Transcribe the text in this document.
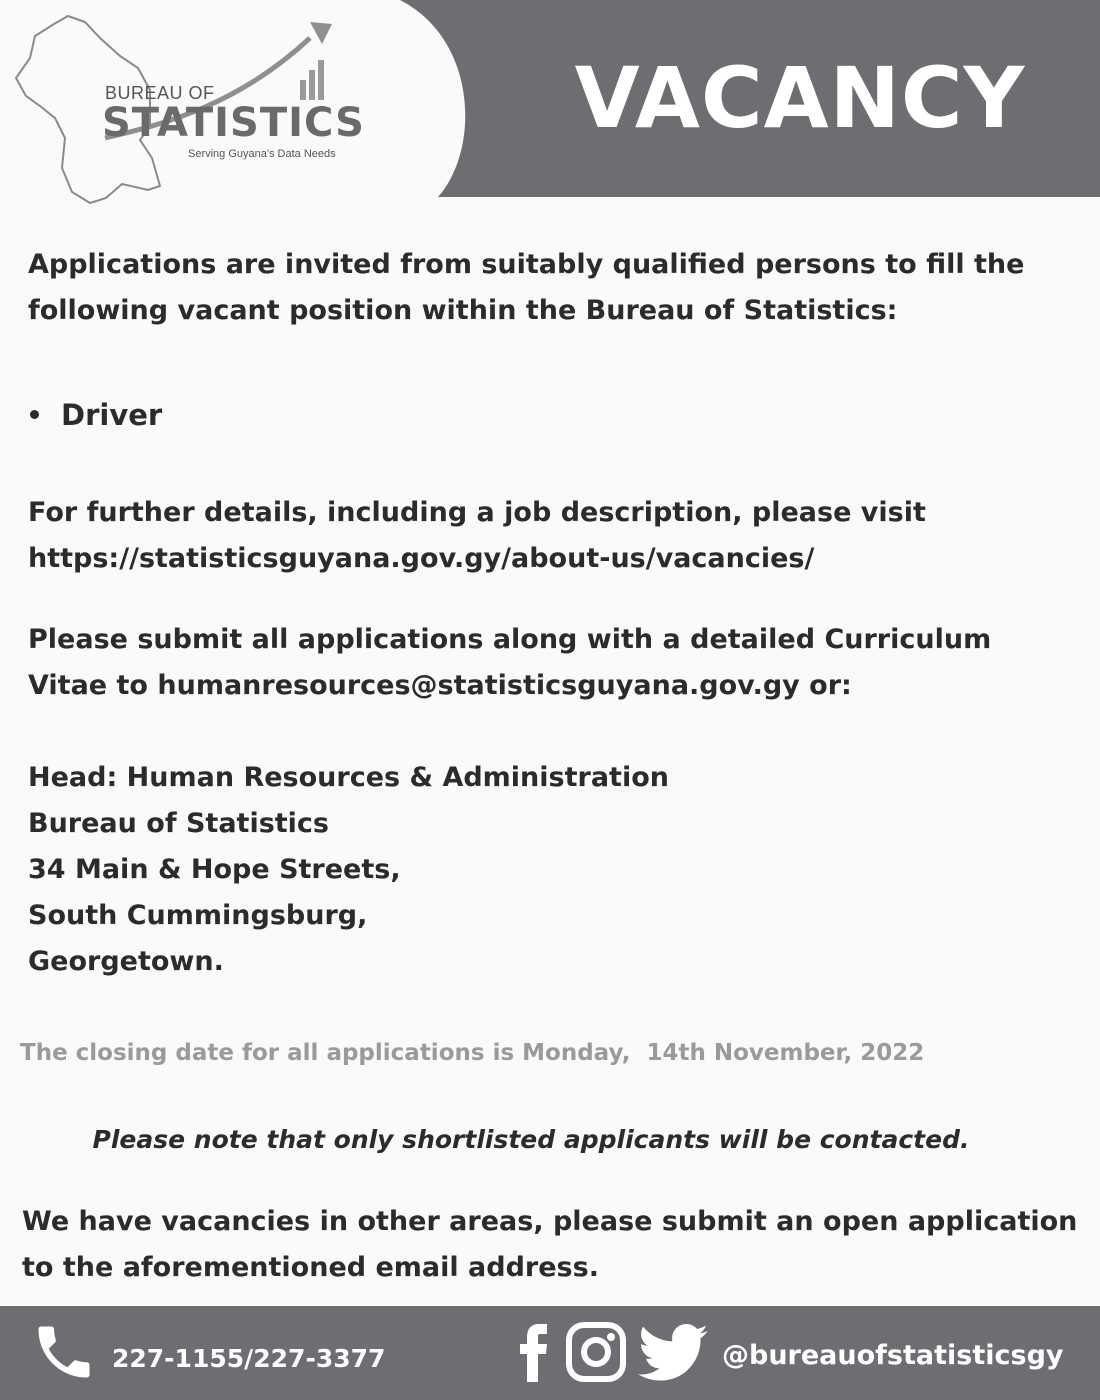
VACANCY
BUREAU OF
STATISTICS
Serving Guyana's Data Needs
Applications are invited from suitably qualified persons to fill the following vacant position within the Bureau of Statistics:
Driver
For further details, including a job description, please visit https://statisticsguyana.gov.gy/about-us/vacancies/
Please submit all applications along with a detailed Curriculum Vitae to humanresources@statisticsguyana.gov.gy or:
Head: Human Resources & Administration
Bureau of Statistics
34 Main & Hope Streets,
South Cummingsburg,
Georgetown.
The closing date for all applications is Monday,  14th November, 2022
Please note that only shortlisted applicants will be contacted.
We have vacancies in other areas, please submit an open application to the aforementioned email address.
227-1155/227-3377	@bureauofstatisticsgy
